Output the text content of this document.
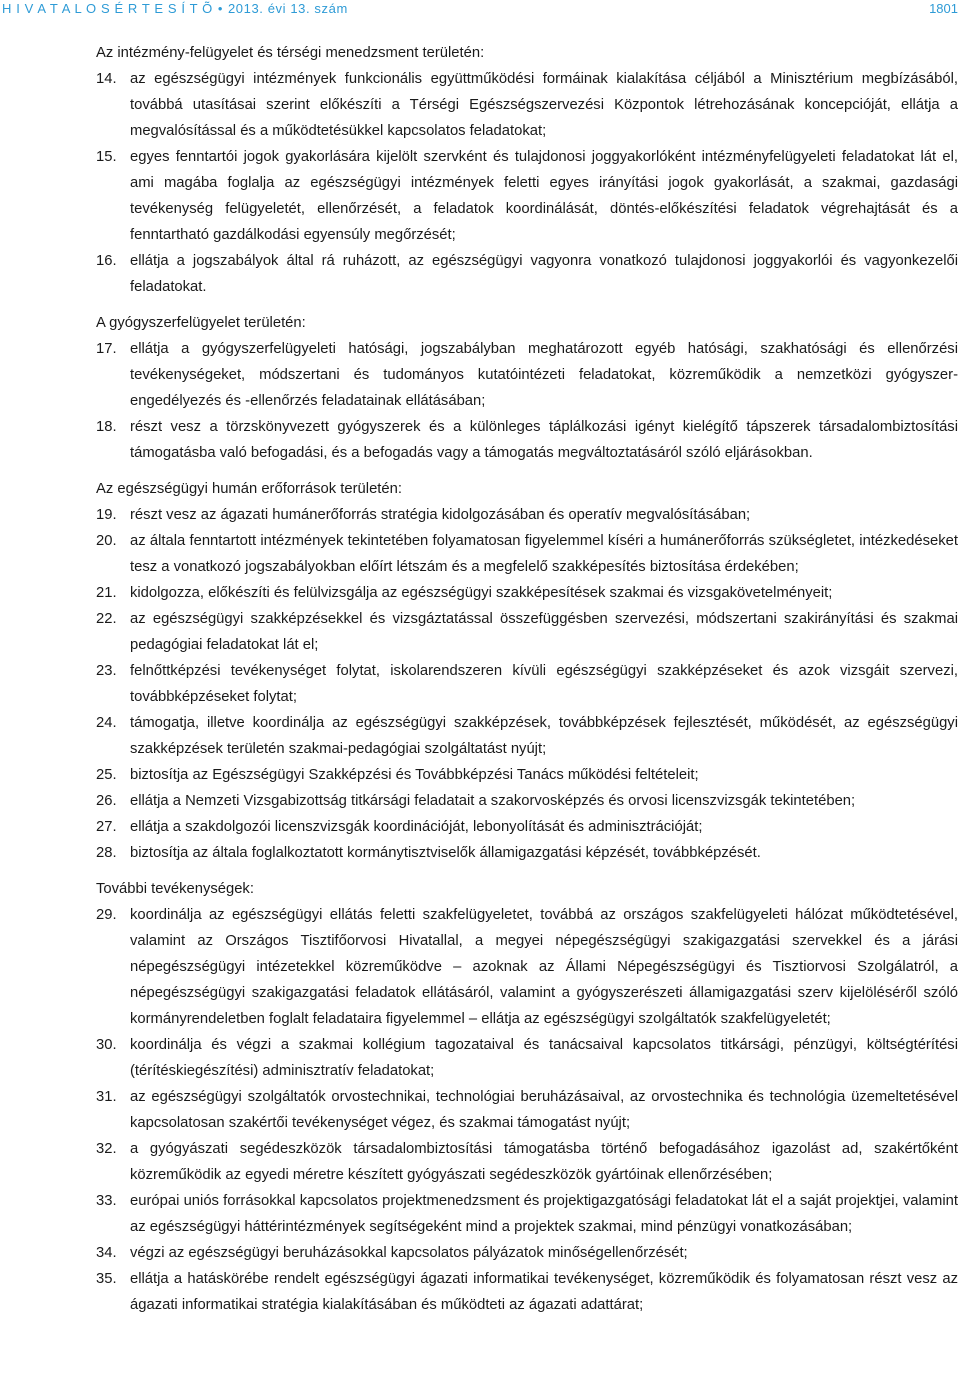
H I V A T A L O S É R T E S Í T Õ • 2013. évi 13. szám	1801
Az intézmény-felügyelet és térségi menedzsment területén:
14. az egészségügyi intézmények funkcionális együttműködési formáinak kialakítása céljából a Minisztérium megbízásából, továbbá utasításai szerint előkészíti a Térségi Egészségszervezési Központok létrehozásának koncepcióját, ellátja a megvalósítással és a működtetésükkel kapcsolatos feladatokat;
15. egyes fenntartói jogok gyakorlására kijelölt szervként és tulajdonosi joggyakorlóként intézményfelügyeleti feladatokat lát el, ami magába foglalja az egészségügyi intézmények feletti egyes irányítási jogok gyakorlását, a szakmai, gazdasági tevékenység felügyeletét, ellenőrzését, a feladatok koordinálását, döntés-előkészítési feladatok végrehajtását és a fenntartható gazdálkodási egyensúly megőrzését;
16. ellátja a jogszabályok által rá ruházott, az egészségügyi vagyonra vonatkozó tulajdonosi joggyakorlói és vagyonkezelői feladatokat.
A gyógyszerfelügyelet területén:
17. ellátja a gyógyszerfelügyeleti hatósági, jogszabályban meghatározott egyéb hatósági, szakhatósági és ellenőrzési tevékenységeket, módszertani és tudományos kutatóintézeti feladatokat, közreműködik a nemzetközi gyógyszer-engedélyezés és -ellenőrzés feladatainak ellátásában;
18. részt vesz a törzskönyvezett gyógyszerek és a különleges táplálkozási igényt kielégítő tápszerek társadalombiztosítási támogatásba való befogadási, és a befogadás vagy a támogatás megváltoztatásáról szóló eljárásokban.
Az egészségügyi humán erőforrások területén:
19. részt vesz az ágazati humánerőforrás stratégia kidolgozásában és operatív megvalósításában;
20. az általa fenntartott intézmények tekintetében folyamatosan figyelemmel kíséri a humánerőforrás szükségletet, intézkedéseket tesz a vonatkozó jogszabályokban előírt létszám és a megfelelő szakképesítés biztosítása érdekében;
21. kidolgozza, előkészíti és felülvizsgálja az egészségügyi szakképesítések szakmai és vizsgakövetelményeit;
22. az egészségügyi szakképzésekkel és vizsgáztatással összefüggésben szervezési, módszertani szakirányítási és szakmai pedagógiai feladatokat lát el;
23. felnőttképzési tevékenységet folytat, iskolarendszeren kívüli egészségügyi szakképzéseket és azok vizsgáit szervezi, továbbképzéseket folytat;
24. támogatja, illetve koordinálja az egészségügyi szakképzések, továbbképzések fejlesztését, működését, az egészségügyi szakképzések területén szakmai-pedagógiai szolgáltatást nyújt;
25. biztosítja az Egészségügyi Szakképzési és Továbbképzési Tanács működési feltételeit;
26. ellátja a Nemzeti Vizsgabizottság titkársági feladatait a szakorvosképzés és orvosi licenszvizsgák tekintetében;
27. ellátja a szakdolgozói licenszvizsgák koordinációját, lebonyolítását és adminisztrációját;
28. biztosítja az általa foglalkoztatott kormánytisztviselők államigazgatási képzését, továbbképzését.
További tevékenységek:
29. koordinálja az egészségügyi ellátás feletti szakfelügyeletet, továbbá az országos szakfelügyeleti hálózat működtetésével, valamint az Országos Tisztifőorvosi Hivatallal, a megyei népegészségügyi szakigazgatási szervekkel és a járási népegészségügyi intézetekkel közreműködve – azoknak az Állami Népegészségügyi és Tisztiorvosi Szolgálatról, a népegészségügyi szakigazgatási feladatok ellátásáról, valamint a gyógyszerészeti államigazgatási szerv kijelöléséről szóló kormányrendeletben foglalt feladataira figyelemmel – ellátja az egészségügyi szolgáltatók szakfelügyeletét;
30. koordinálja és végzi a szakmai kollégium tagozataival és tanácsaival kapcsolatos titkársági, pénzügyi, költségtérítési (térítéskiegészítési) adminisztratív feladatokat;
31. az egészségügyi szolgáltatók orvostechnikai, technológiai beruházásaival, az orvostechnika és technológia üzemeltetésével kapcsolatosan szakértői tevékenységet végez, és szakmai támogatást nyújt;
32. a gyógyászati segédeszközök társadalombiztosítási támogatásba történő befogadásához igazolást ad, szakértőként közreműködik az egyedi méretre készített gyógyászati segédeszközök gyártóinak ellenőrzésében;
33. európai uniós forrásokkal kapcsolatos projektmenedzsment és projektigazgatósági feladatokat lát el a saját projektjei, valamint az egészségügyi háttérintézmények segítségeként mind a projektek szakmai, mind pénzügyi vonatkozásában;
34. végzi az egészségügyi beruházásokkal kapcsolatos pályázatok minőségellenőrzését;
35. ellátja a hatáskörébe rendelt egészségügyi ágazati informatikai tevékenységet, közreműködik és folyamatosan részt vesz az ágazati informatikai stratégia kialakításában és működteti az ágazati adattárat;
